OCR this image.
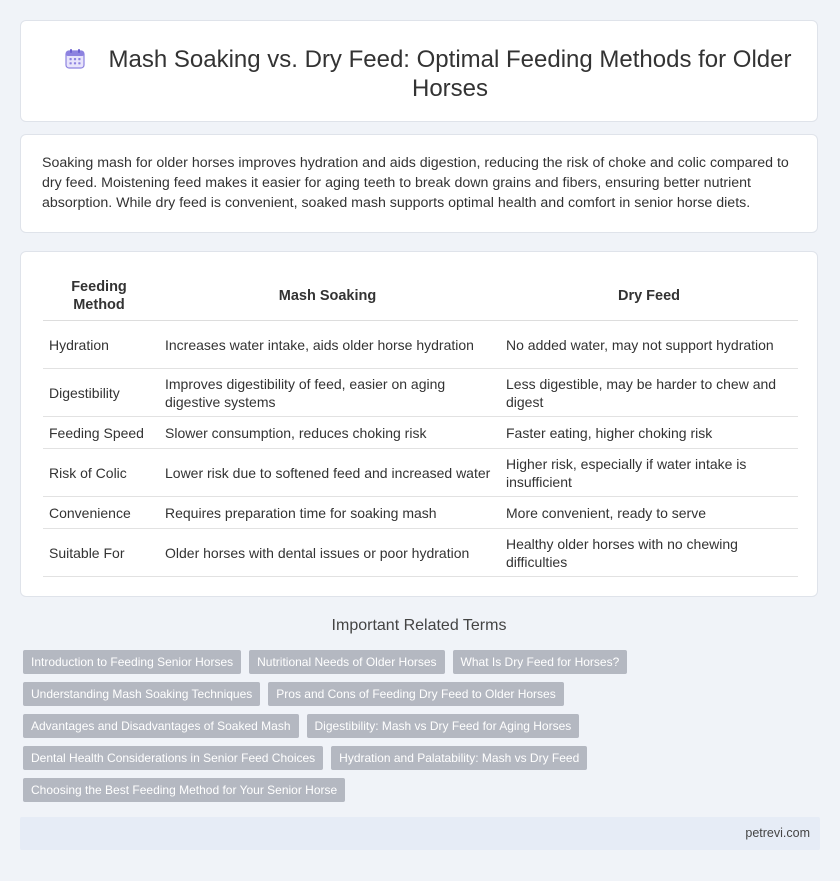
Mash Soaking vs. Dry Feed: Optimal Feeding Methods for Older Horses

Soaking mash for older horses improves hydration and aids digestion, reducing the risk of choke and colic compared to dry feed. Moistening feed makes it easier for aging teeth to break down grains and fibers, ensuring better nutrient absorption. While dry feed is convenient, soaked mash supports optimal health and comfort in senior horse diets.

Feeding Method	Mash Soaking	Dry Feed
Hydration	Increases water intake, aids older horse hydration	No added water, may not support hydration
Digestibility	Improves digestibility of feed, easier on aging digestive systems	Less digestible, may be harder to chew and digest
Feeding Speed	Slower consumption, reduces choking risk	Faster eating, higher choking risk
Risk of Colic	Lower risk due to softened feed and increased water	Higher risk, especially if water intake is insufficient
Convenience	Requires preparation time for soaking mash	More convenient, ready to serve
Suitable For	Older horses with dental issues or poor hydration	Healthy older horses with no chewing difficulties
Important Related Terms
Introduction to Feeding Senior Horses	Nutritional Needs of Older Horses	What Is Dry Feed for Horses?
Understanding Mash Soaking Techniques	Pros and Cons of Feeding Dry Feed to Older Horses
Advantages and Disadvantages of Soaked Mash	Digestibility: Mash vs Dry Feed for Aging Horses
Dental Health Considerations in Senior Feed Choices	Hydration and Palatability: Mash vs Dry Feed
Choosing the Best Feeding Method for Your Senior Horse
petrevi.com
